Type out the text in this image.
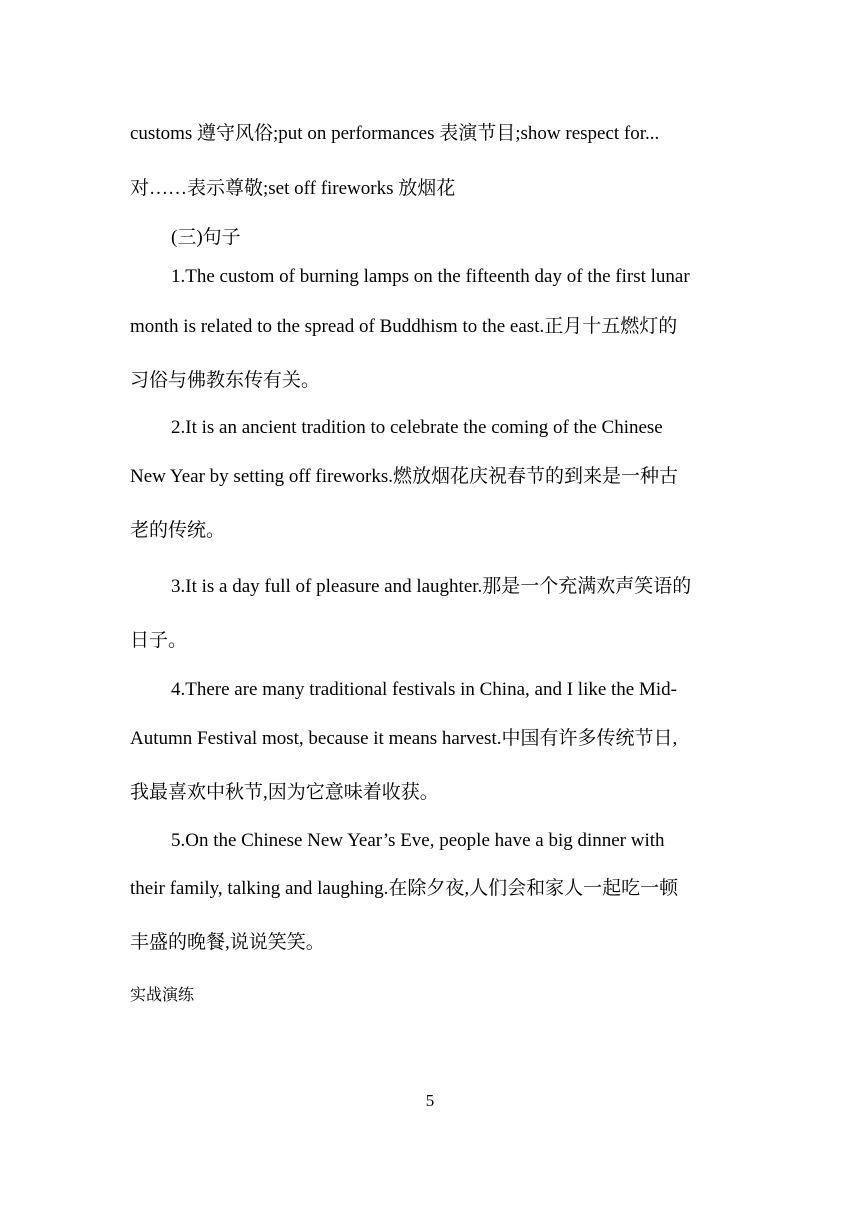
customs 遵守风俗;put on performances 表演节目;show respect for...
对……表示尊敬;set off fireworks 放烟花
(三)句子
1.The custom of burning lamps on the fifteenth day of the first lunar
month is related to the spread of Buddhism to the east.正月十五燃灯的
习俗与佛教东传有关。
2.It is an ancient tradition to celebrate the coming of the Chinese
New Year by setting off fireworks.燃放烟花庆祝春节的到来是一种古
老的传统。
3.It is a day full of pleasure and laughter.那是一个充满欢声笑语的
日子。
4.There are many traditional festivals in China, and I like the Mid-
Autumn Festival most, because it means harvest.中国有许多传统节日,
我最喜欢中秋节,因为它意味着收获。
5.On the Chinese New Year’s Eve, people have a big dinner with
their family, talking and laughing.在除夕夜,人们会和家人一起吃一顿
丰盛的晚餐,说说笑笑。
实战演练
5
